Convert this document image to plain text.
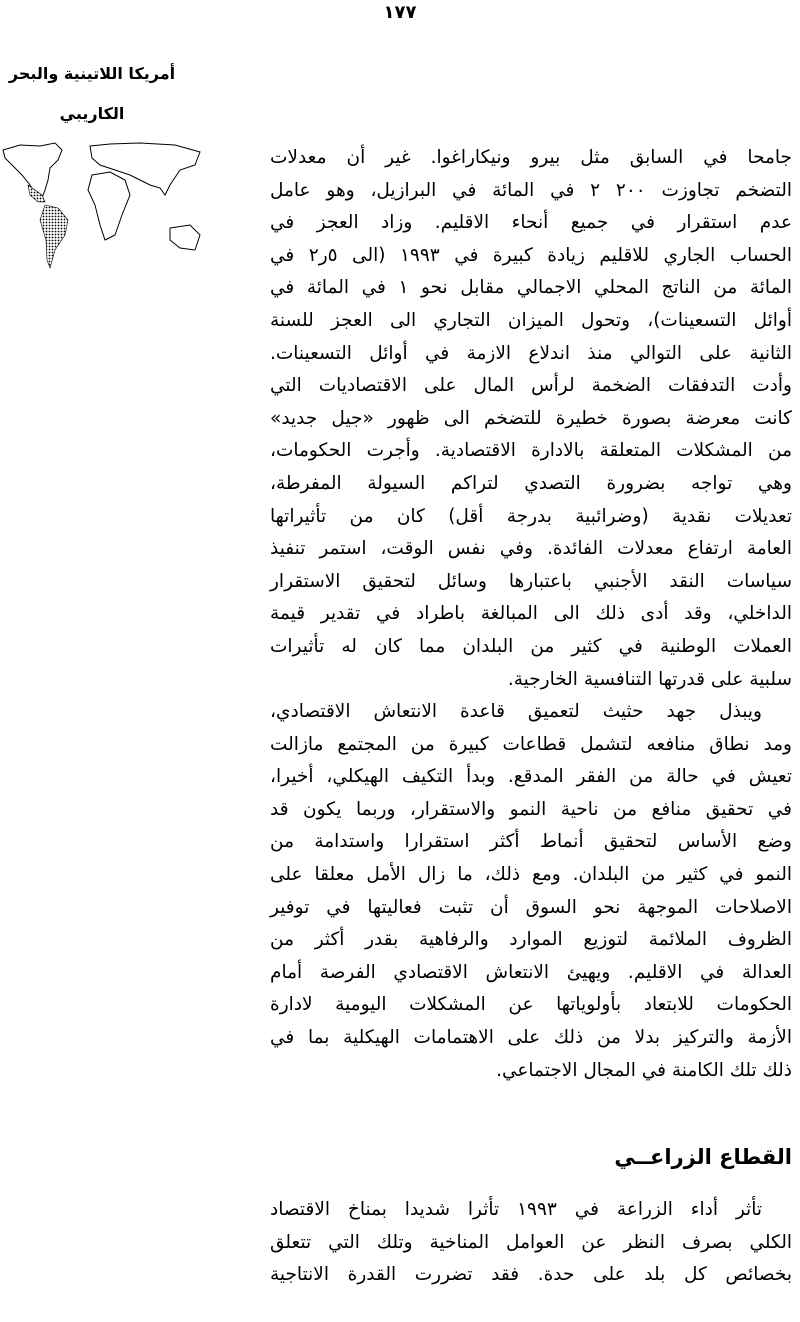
١٧٧
أمريكا اللاتينية والبحر
الكاريبي
جامحا في السابق مثل بيرو ونيكاراغوا. غير أن معدلات
التضخم تجاوزت ٢٠٠ ٢ في المائة في البرازيل، وهو عامل
عدم استقرار في جميع أنحاء الاقليم. وزاد العجز في
الحساب الجاري للاقليم زيادة كبيرة في ١٩٩٣ (الى ٥ر٢ في
المائة من الناتج المحلي الاجمالي مقابل نحو ١ في المائة في
أوائل التسعينات)، وتحول الميزان التجاري الى العجز للسنة
الثانية على التوالي منذ اندلاع الازمة في أوائل التسعينات.
وأدت التدفقات الضخمة لرأس المال على الاقتصاديات التي
كانت معرضة بصورة خطيرة للتضخم الى ظهور «جيل جديد»
من المشكلات المتعلقة بالادارة الاقتصادية. وأجرت الحكومات،
وهي تواجه بضرورة التصدي لتراكم السيولة المفرطة،
تعديلات نقدية (وضرائبية بدرجة أقل) كان من تأثيراتها
العامة ارتفاع معدلات الفائدة. وفي نفس الوقت، استمر تنفيذ
سياسات النقد الأجنبي باعتبارها وسائل لتحقيق الاستقرار
الداخلي، وقد أدى ذلك الى المبالغة باطراد في تقدير قيمة
العملات الوطنية في كثير من البلدان مما كان له تأثيرات
سلبية على قدرتها التنافسية الخارجية.
ويبذل جهد حثيث لتعميق قاعدة الانتعاش الاقتصادي،
ومد نطاق منافعه لتشمل قطاعات كبيرة من المجتمع مازالت
تعيش في حالة من الفقر المدقع. وبدأ التكيف الهيكلي، أخيرا،
في تحقيق منافع من ناحية النمو والاستقرار، وربما يكون قد
وضع الأساس لتحقيق أنماط أكثر استقرارا واستدامة من
النمو في كثير من البلدان. ومع ذلك، ما زال الأمل معلقا على
الاصلاحات الموجهة نحو السوق أن تثبت فعاليتها في توفير
الظروف الملائمة لتوزيع الموارد والرفاهية بقدر أكثر من
العدالة في الاقليم. ويهيئ الانتعاش الاقتصادي الفرصة أمام
الحكومات للابتعاد بأولوياتها عن المشكلات اليومية لادارة
الأزمة والتركيز بدلا من ذلك على الاهتمامات الهيكلية بما في
ذلك تلك الكامنة في المجال الاجتماعي.
القطاع الزراعــي
تأثر أداء الزراعة في ١٩٩٣ تأثرا شديدا بمناخ الاقتصاد
الكلي بصرف النظر عن العوامل المناخية وتلك التي تتعلق
بخصائص كل بلد على حدة. فقد تضررت القدرة الانتاجية
